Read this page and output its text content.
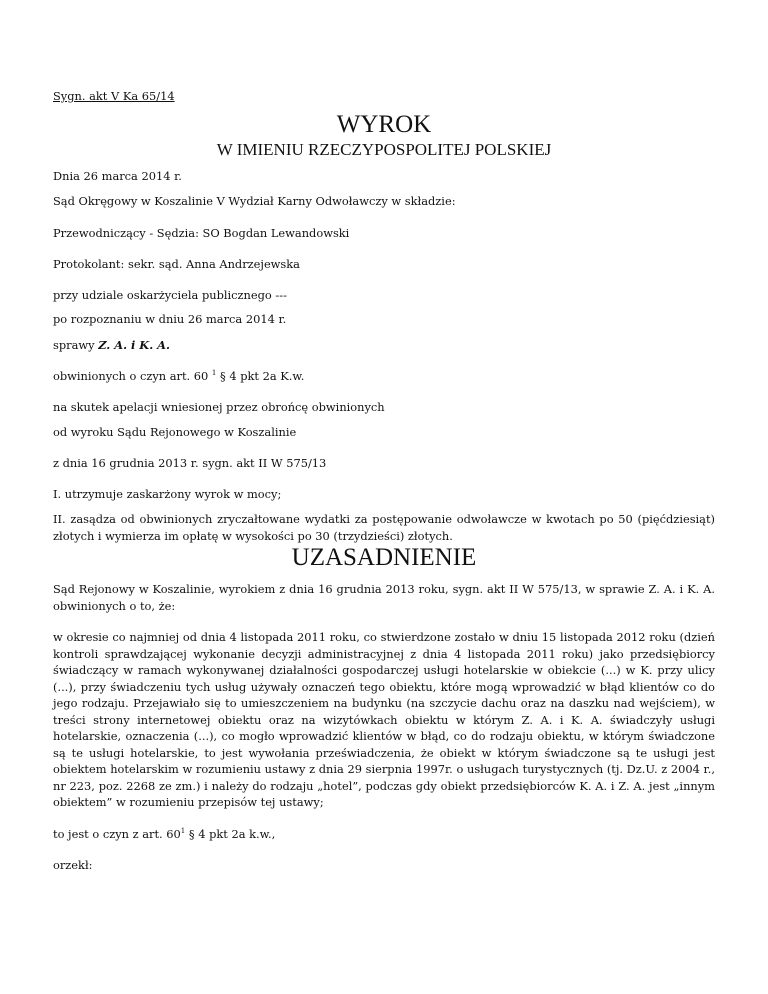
Sygn. akt V Ka 65/14

WYROK

W IMIENIU RZECZYPOSPOLITEJ POLSKIEJ

Dnia 26 marca 2014 r.

Sąd Okręgowy w Koszalinie V Wydział Karny Odwoławczy w składzie:

Przewodniczący - Sędzia: SO Bogdan Lewandowski

Protokolant: sekr. sąd. Anna Andrzejewska

przy udziale oskarżyciela publicznego ---

po rozpoznaniu w dniu 26 marca 2014 r.

sprawy Z. A. i K. A.

obwinionych o czyn art. 60 $^1$ § 4 pkt 2a K.w.

na skutek apelacji wniesionej przez obrońcę obwinionych

od wyroku Sądu Rejonowego w Koszalinie

z dnia 16 grudnia 2013 r. sygn. akt II W 575/13

I. utrzymuje zaskarżony wyrok w mocy;

II. zasądza od obwinionych zryczałtowane wydatki za postępowanie odwoławcze w kwotach po 50 (pięćdziesiąt) złotych i wymierza im opłatę w wysokości po 30 (trzydzieści) złotych.

UZASADNIENIE

Sąd Rejonowy w Koszalinie, wyrokiem z dnia 16 grudnia 2013 roku, sygn. akt II W 575/13, w sprawie Z. A. i K. A. obwinionych o to, że:

w okresie co najmniej od dnia 4 listopada 2011 roku, co stwierdzone zostało w dniu 15 listopada 2012 roku (dzień kontroli sprawdzającej wykonanie decyzji administracyjnej z dnia 4 listopada 2011 roku) jako przedsiębiorcy świadczący w ramach wykonywanej działalności gospodarczej usługi hotelarskie w obiekcie (...) w K. przy ulicy (...), przy świadczeniu tych usług używały oznaczeń tego obiektu, które mogą wprowadzić w błąd klientów co do jego rodzaju. Przejawiało się to umieszczeniem na budynku (na szczycie dachu oraz na daszku nad wejściem), w treści strony internetowej obiektu oraz na wizytówkach obiektu w którym Z. A. i K. A. świadczyły usługi hotelarskie, oznaczenia (...), co mogło wprowadzić klientów w błąd, co do rodzaju obiektu, w którym świadczone są te usługi hotelarskie, to jest wywołania przeświadczenia, że obiekt w którym świadczone są te usługi jest obiektem hotelarskim w rozumieniu ustawy z dnia 29 sierpnia 1997r. o usługach turystycznych (tj. Dz.U. z 2004 r., nr 223, poz. 2268 ze zm.) i należy do rodzaju „hotel”, podczas gdy obiekt przedsiębiorców K. A. i Z. A. jest „innym obiektem” w rozumieniu przepisów tej ustawy;

to jest o czyn z art. $60^1$ § 4 pkt 2a k.w.,

orzekł:
